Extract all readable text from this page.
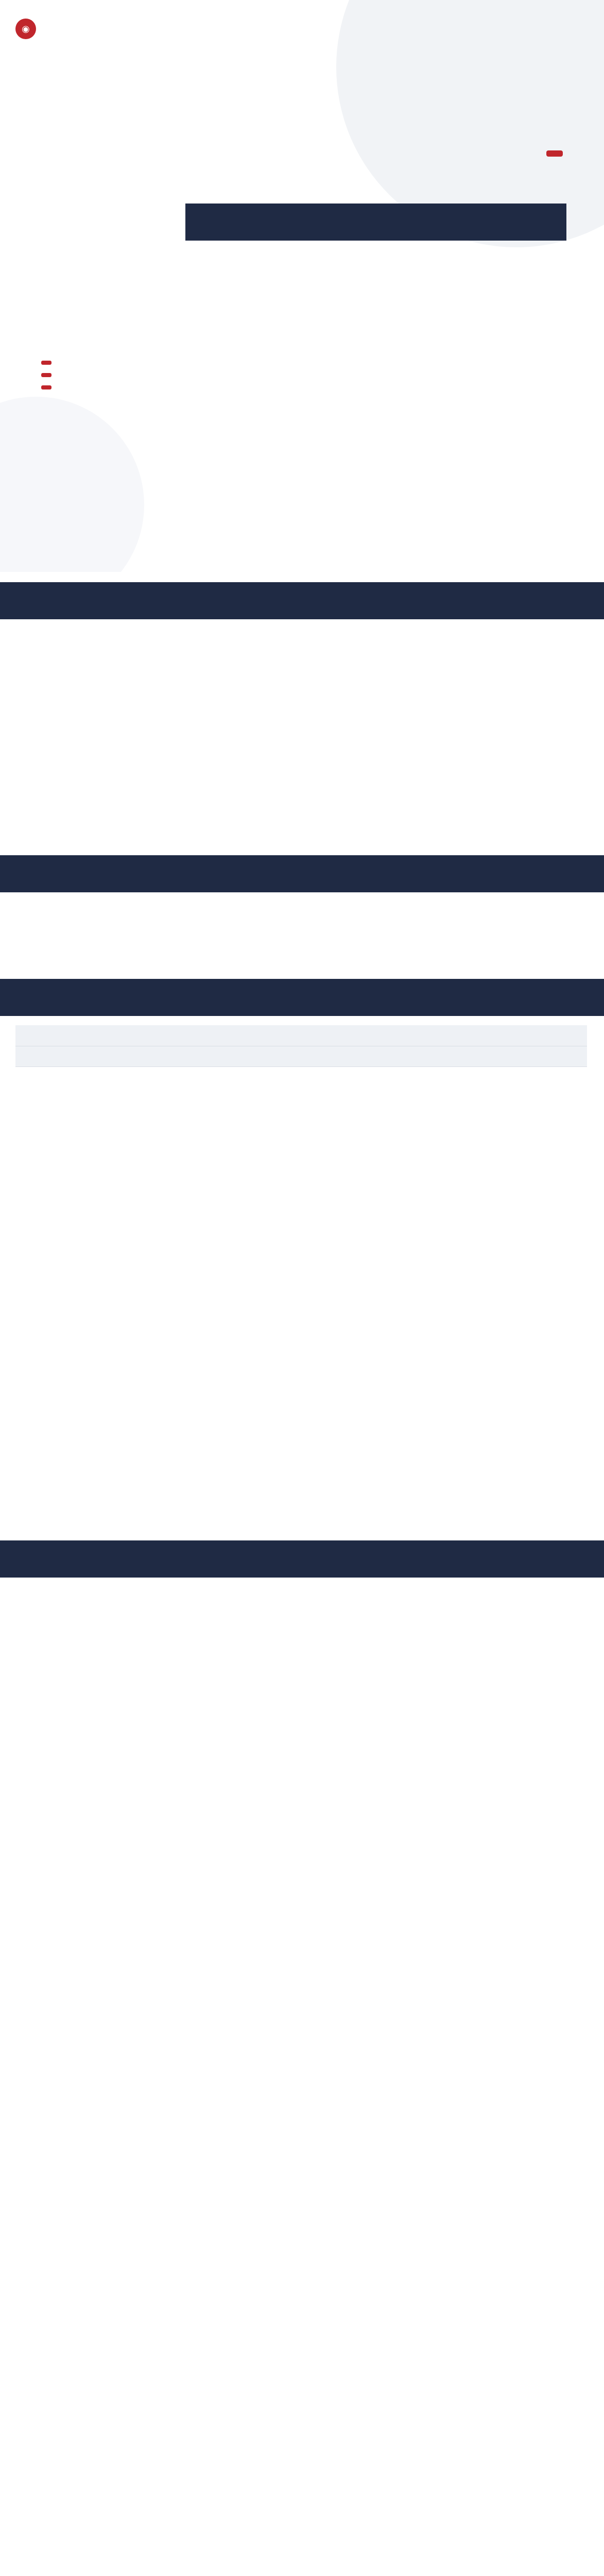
◉
